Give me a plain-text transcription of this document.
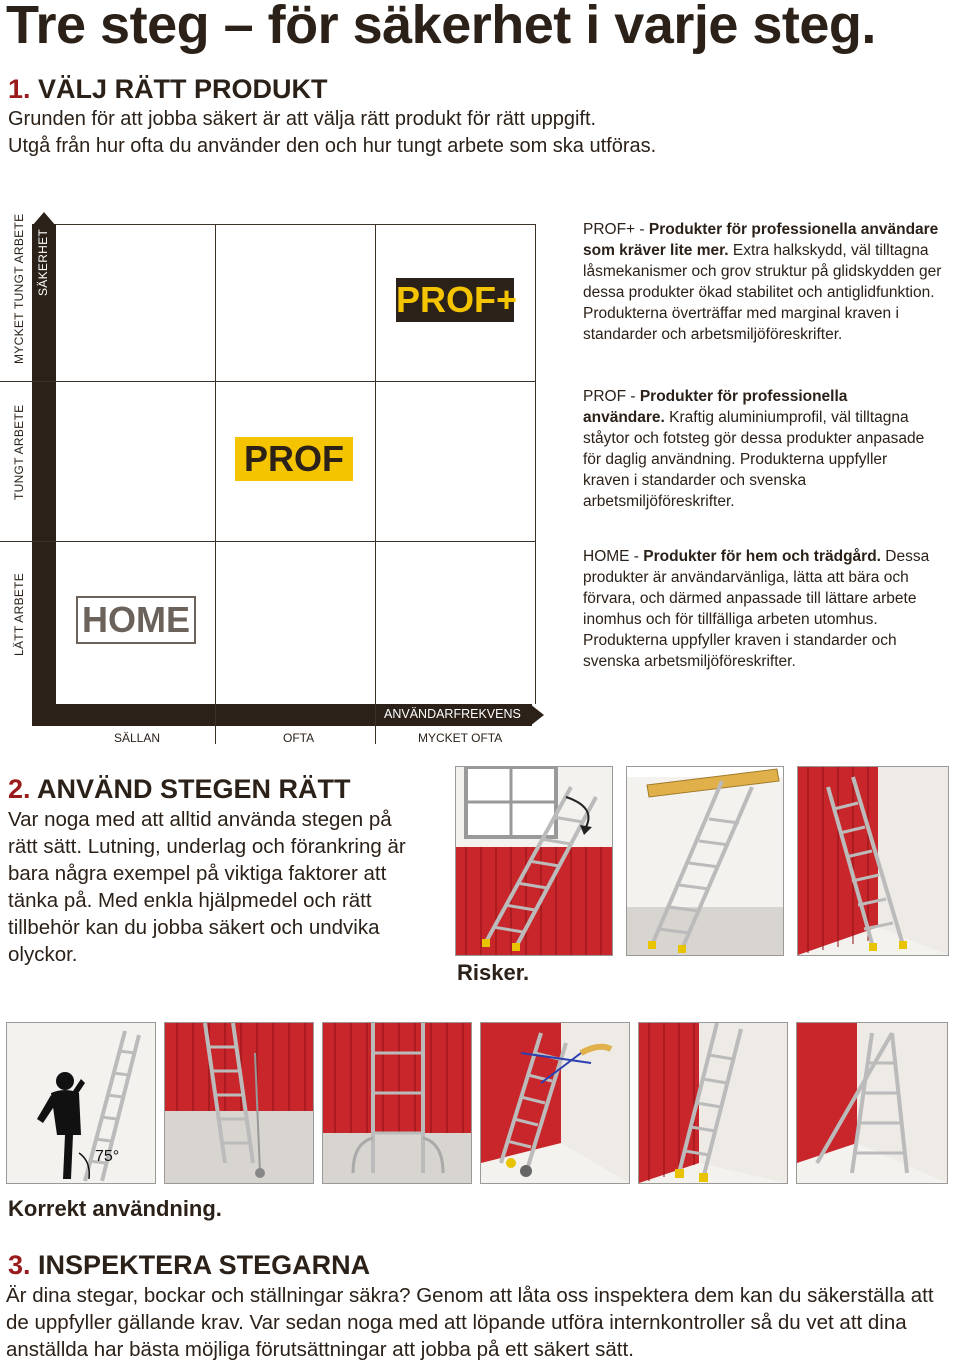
Tre steg – för säkerhet i varje steg.
1. VÄLJ RÄTT PRODUKT
Grunden för att jobba säkert är att välja rätt produkt för rätt uppgift.
Utgå från hur ofta du använder den och hur tungt arbete som ska utföras.
SÄKERHET
ANVÄNDARFREKVENS
MYCKET TUNGT ARBETE
TUNGT ARBETE
LÄTT ARBETE
SÄLLAN	OFTA	MYCKET OFTA
PROF+
PROF
HOME
PROF+ - Produkter för professionella användare som kräver lite mer. Extra halkskydd, väl tilltagna låsmekanismer och grov struktur på glidskydden ger dessa produkter ökad stabilitet och antiglidfunktion. Produkterna överträffar med marginal kraven i standarder och arbetsmiljöföreskrifter.
PROF - Produkter för professionella användare. Kraftig aluminiumprofil, väl tilltagna ståytor och fotsteg gör dessa produkter anpasade för daglig användning. Produkterna uppfyller kraven i standarder och svenska arbetsmiljöföreskrifter.
HOME - Produkter för hem och trädgård. Dessa produkter är användarvänliga, lätta att bära och förvara, och därmed anpassade till lättare arbete inomhus och för tillfälliga arbeten utomhus. Produkterna uppfyller kraven i standarder och svenska arbetsmiljöföreskrifter.
2. ANVÄND STEGEN RÄTT
Var noga med att alltid använda stegen på rätt sätt. Lutning, underlag och förankring är bara några exempel på viktiga faktorer att tänka på. Med enkla hjälpmedel och rätt tillbehör kan du jobba säkert och undvika olyckor.
Risker.
75°
Korrekt användning.
3. INSPEKTERA STEGARNA
Är dina stegar, bockar och ställningar säkra? Genom att låta oss inspektera dem kan du säkerställa att de uppfyller gällande krav. Var sedan noga med att löpande utföra internkontroller så du vet att dina anställda har bästa möjliga förutsättningar att jobba på ett säkert sätt.
